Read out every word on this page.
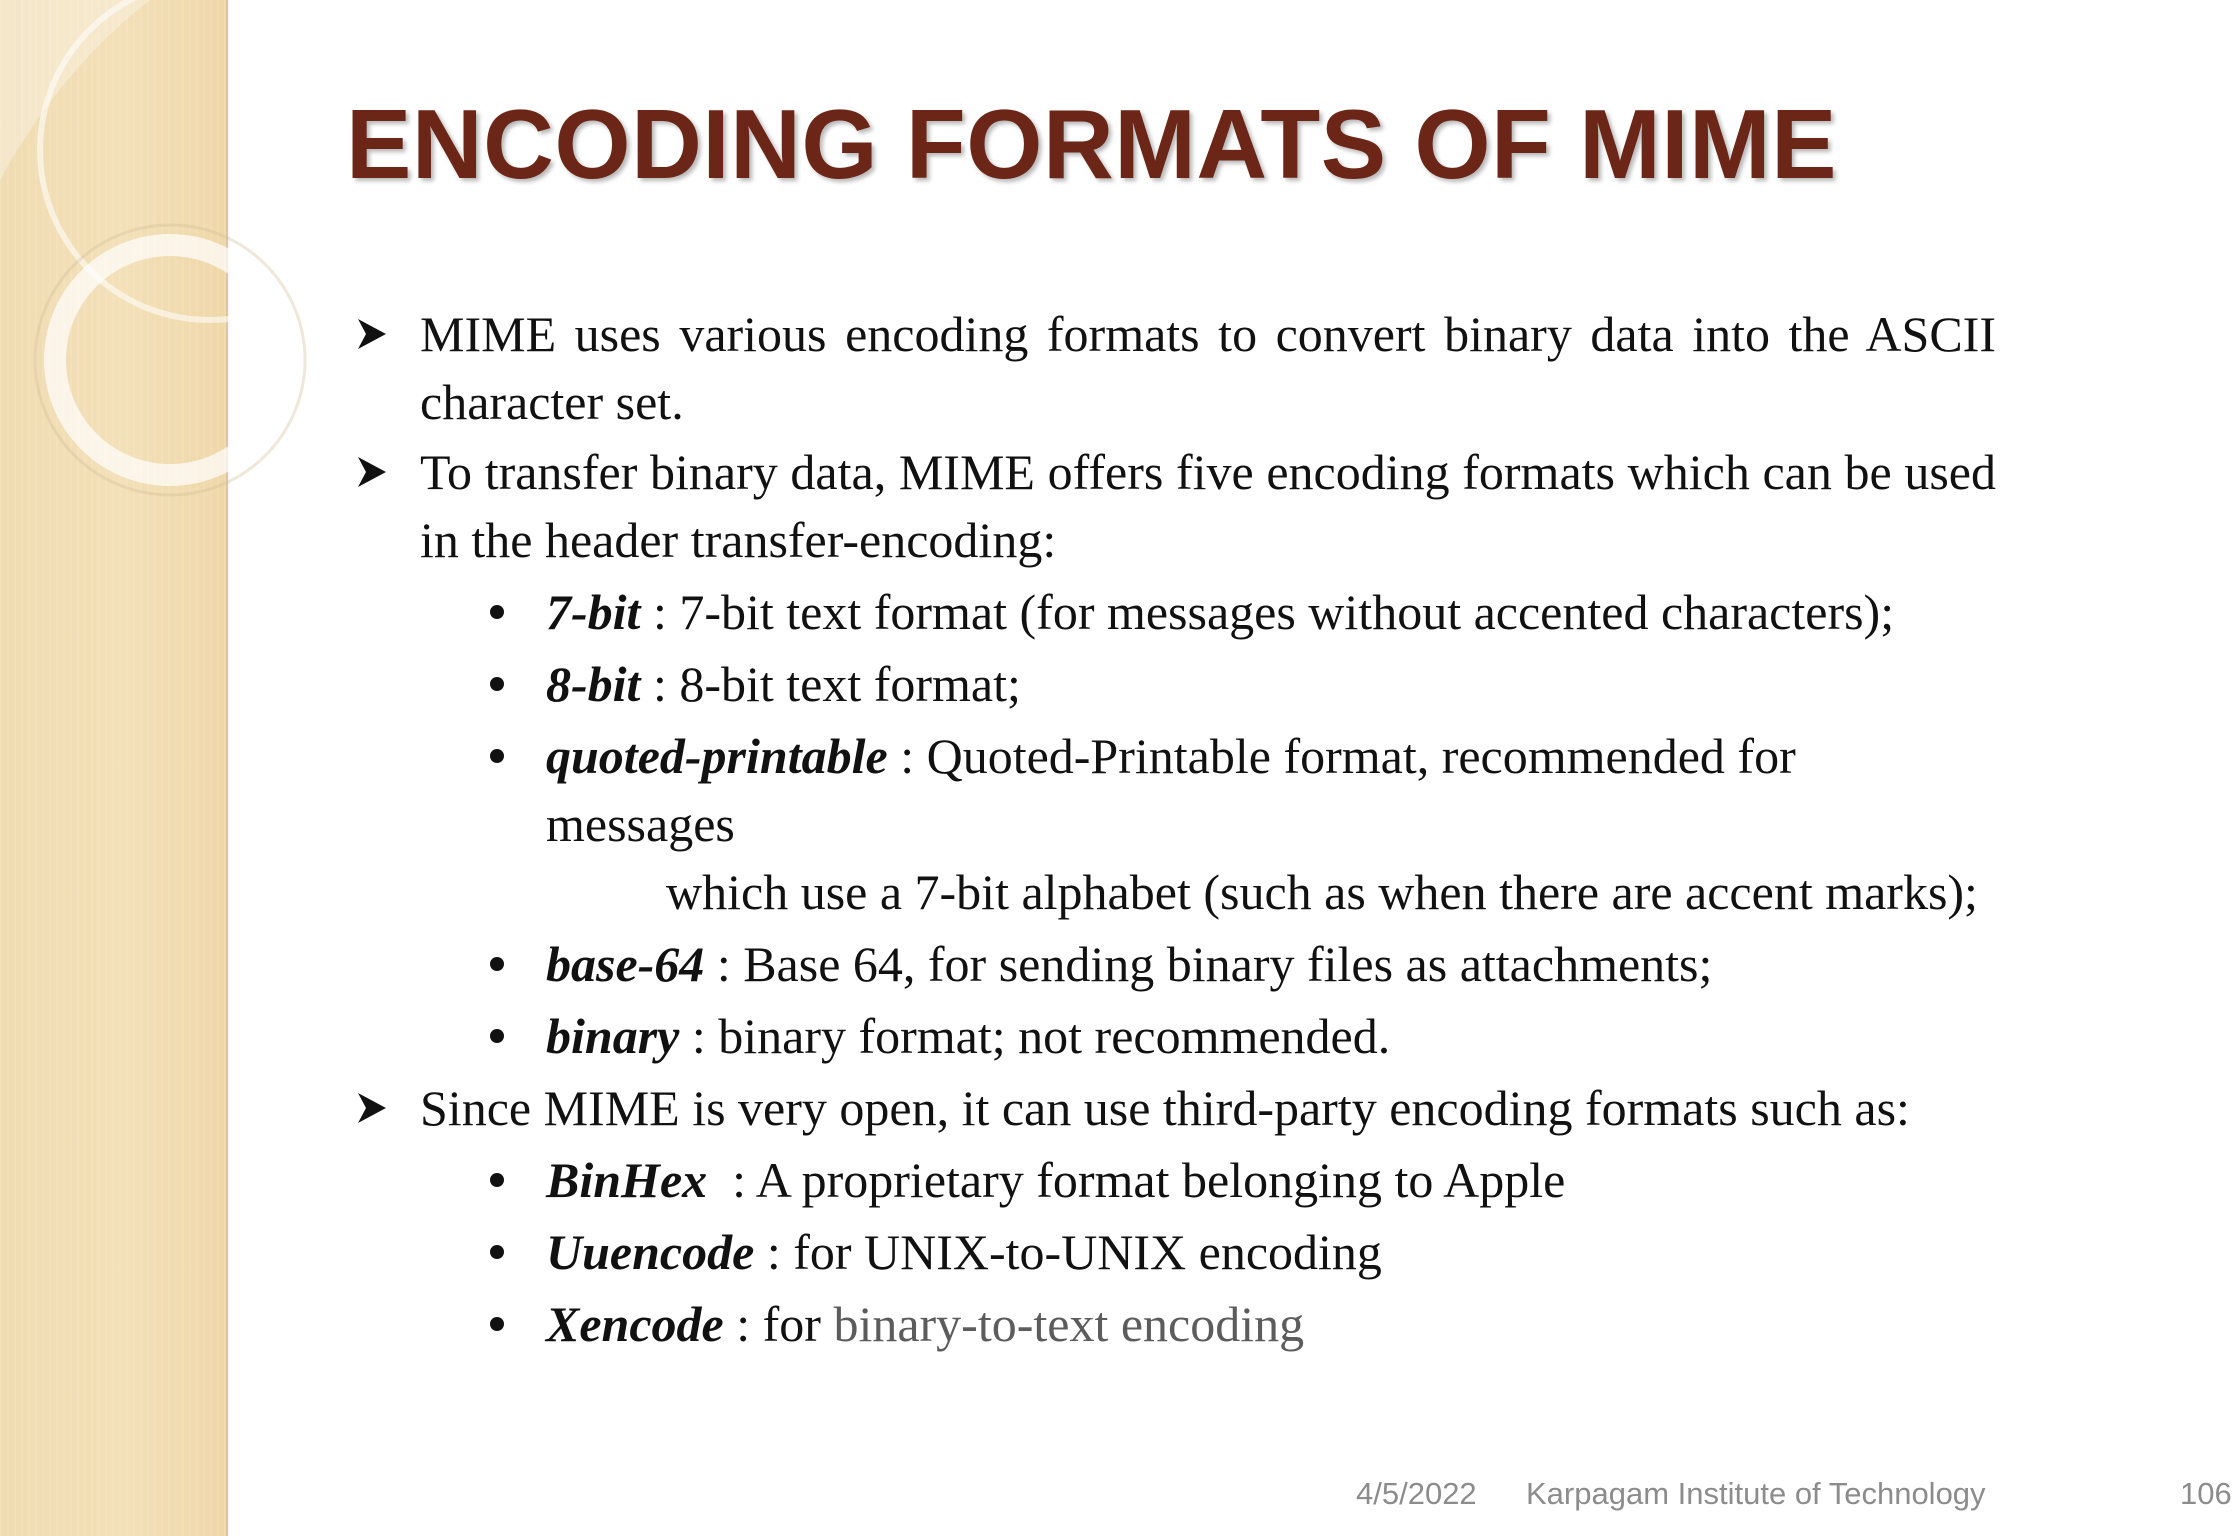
ENCODING FORMATS OF MIME
MIME uses various encoding formats to convert binary data into the ASCII character set.
To transfer binary data, MIME offers five encoding formats which can be used in the header transfer-encoding:
7-bit : 7-bit text format (for messages without accented characters);
8-bit : 8-bit text format;
quoted-printable : Quoted-Printable format, recommended for messages
which use a 7-bit alphabet (such as when there are accent marks);
base-64 : Base 64, for sending binary files as attachments;
binary : binary format; not recommended.
Since MIME is very open, it can use third-party encoding formats such as:
BinHex  : A proprietary format belonging to Apple
Uuencode : for UNIX-to-UNIX encoding
Xencode : for binary-to-text encoding
4/5/2022 Karpagam Institute of Technology	106
